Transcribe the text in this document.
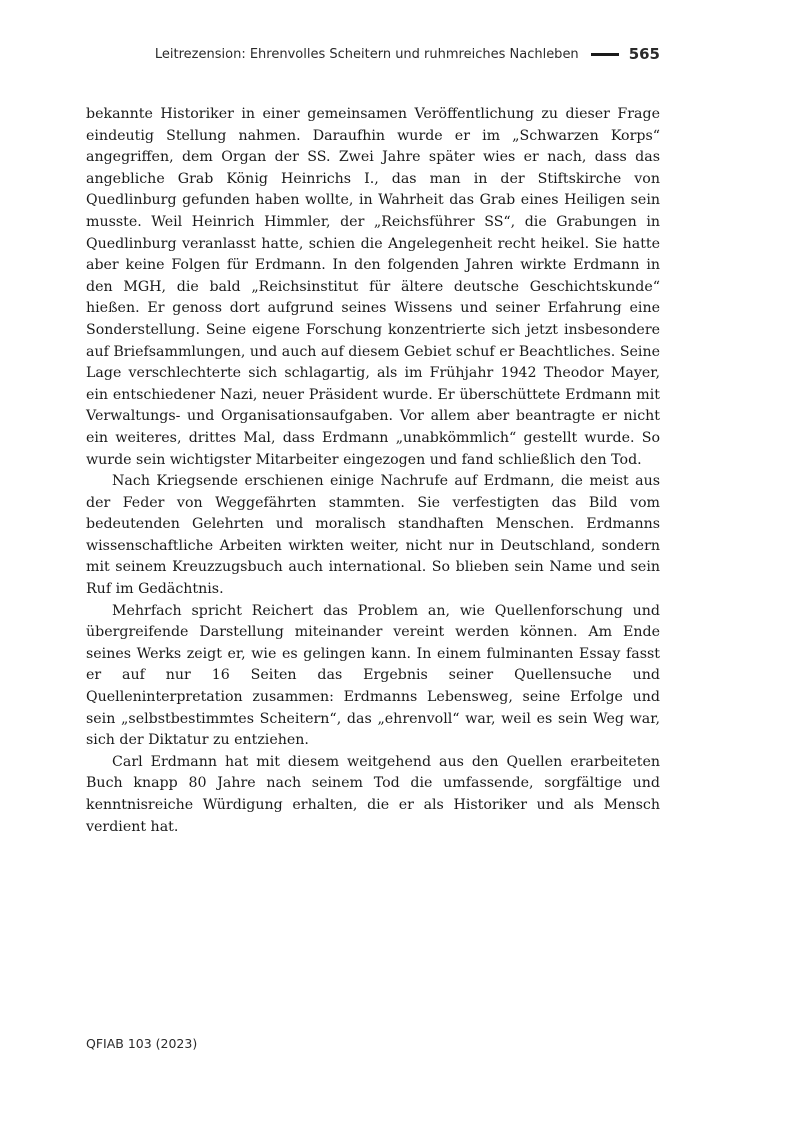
Leitrezension: Ehrenvolles Scheitern und ruhmreiches Nachleben	565

bekannte Historiker in einer gemeinsamen Veröffentlichung zu dieser Frage eindeutig Stellung nahmen. Daraufhin wurde er im „Schwarzen Korps“ angegriffen, dem Organ der SS. Zwei Jahre später wies er nach, dass das angebliche Grab König Heinrichs I., das man in der Stiftskirche von Quedlinburg gefunden haben wollte, in Wahrheit das Grab eines Heiligen sein musste. Weil Heinrich Himmler, der „Reichsführer SS“, die Grabungen in Quedlinburg veranlasst hatte, schien die Angelegenheit recht heikel. Sie hatte aber keine Folgen für Erdmann. In den folgenden Jahren wirkte Erdmann in den MGH, die bald „Reichsinstitut für ältere deutsche Geschichtskunde“ hießen. Er genoss dort aufgrund seines Wissens und seiner Erfahrung eine Sonderstellung. Seine eigene Forschung konzentrierte sich jetzt insbesondere auf Briefsammlungen, und auch auf diesem Gebiet schuf er Beachtliches. Seine Lage verschlechterte sich schlagartig, als im Frühjahr 1942 Theodor Mayer, ein entschiedener Nazi, neuer Präsident wurde. Er überschüttete Erdmann mit Verwaltungs- und Organisationsaufgaben. Vor allem aber beantragte er nicht ein weiteres, drittes Mal, dass Erdmann „unabkömmlich“ gestellt wurde. So wurde sein wichtigster Mitarbeiter eingezogen und fand schließlich den Tod.

Nach Kriegsende erschienen einige Nachrufe auf Erdmann, die meist aus der Feder von Weggefährten stammten. Sie verfestigten das Bild vom bedeutenden Gelehrten und moralisch standhaften Menschen. Erdmanns wissenschaftliche Arbeiten wirkten weiter, nicht nur in Deutschland, sondern mit seinem Kreuzzugsbuch auch international. So blieben sein Name und sein Ruf im Gedächtnis.

Mehrfach spricht Reichert das Problem an, wie Quellenforschung und übergreifende Darstellung miteinander vereint werden können. Am Ende seines Werks zeigt er, wie es gelingen kann. In einem fulminanten Essay fasst er auf nur 16 Seiten das Ergebnis seiner Quellensuche und Quelleninterpretation zusammen: Erdmanns Lebensweg, seine Erfolge und sein „selbstbestimmtes Scheitern“, das „ehrenvoll“ war, weil es sein Weg war, sich der Diktatur zu entziehen.

Carl Erdmann hat mit diesem weitgehend aus den Quellen erarbeiteten Buch knapp 80 Jahre nach seinem Tod die umfassende, sorgfältige und kenntnisreiche Würdigung erhalten, die er als Historiker und als Mensch verdient hat.

QFIAB 103 (2023)
